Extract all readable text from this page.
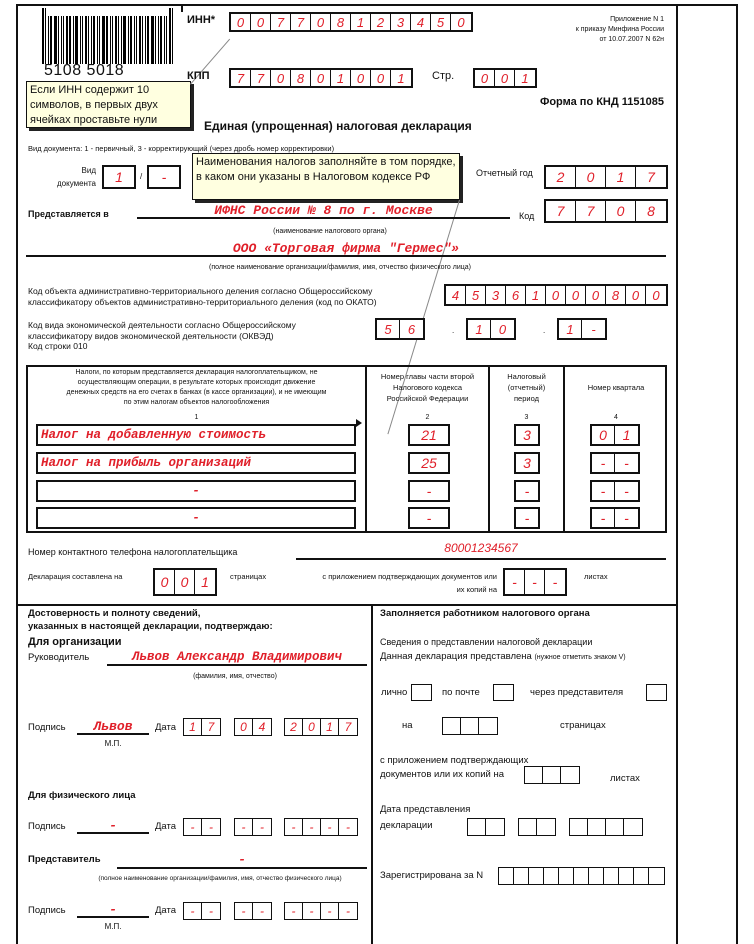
5108 5018
Если ИНН содержит 10 символов, в первых двух ячейках проставьте нули
ИНН*	0 0 7 7 0 8 1 2 3 4 5	0
КПП	7 7 0 8 0 1 0 0	1	Стр.	0 0	1
Приложение N 1
к приказу Минфина России
от 10.07.2007 N 62н
Форма по КНД 1151085
Единая (упрощенная) налоговая декларация
Вид документа: 1 - первичный, 3 - корректирующий (через дробь номер корректировки)
Вид
документа	1	/	-
Наименования налогов заполняйте в том порядке, в каком они указаны в Налоговом кодексе РФ	Отчетный год	2	0	1	7
Представляется в	ИФНС России № 8 по г. Москве
(наименование налогового органа)
Код	7	7	0	8
ООО «Торговая фирма "Гермес"»
(полное наименование организации/фамилия, имя, отчество физического лица)
Код объекта административно-территориального деления согласно Общероссийскому
классификатору объектов административно-территориального деления (код по ОКАТО)	4 5 3 6 1 0 0 0 8 0	0
Код вида экономической деятельности согласно Общероссийскому
классификатору видов экономической деятельности (ОКВЭД)
Код строки 010
5	6	.	1	0	.	1	-
Налоги, по которым представляется декларация налогоплательщиком, не
осуществляющим операции, в результате которых происходит движение
денежных средств на его счетах в банках (в кассе организации), и не имеющим
по этим налогам объектов налогообложения
Номер главы части второй
Налогового кодекса
Российской Федерации
Налоговый
(отчетный)
период
Номер квартала
1	2	3	4
Налог на добавленную стоимость	21	3	0	1
Налог на прибыль организаций	25	3	-	-
-	-	-	-	-
-	-	-	-	-
Номер контактного телефона налогоплательщика	80001234567
Декларация составлена на	0 0 1	страницах	с приложением подтверждающих документов или
их копий на	-	-	-	листах
Достоверность и полноту сведений,
указанных в настоящей декларации, подтверждаю:
Для организации
Руководитель	Львов Александр Владимирович
(фамилия, имя, отчество)
Подпись	Львов
М.П.
Дата	1 7	0 4	2 0 1 7
Для физического лица
Подпись	-	Дата	-	-	-	-	-	-	-	-
Представитель	-
(полное наименование организации/фамилия, имя, отчество физического лица)
Подпись	-
М.П.
Дата	-	-	-	-	-	-	-	-
Заполняется работником налогового органа
Сведения о представлении налоговой декларации
Данная декларация представлена (нужное отметить знаком V)
лично	по почте	через представителя
на	страницах
с приложением подтверждающих
документов или их копий на	листах
Дата представления
декларации
Зарегистрирована за N
